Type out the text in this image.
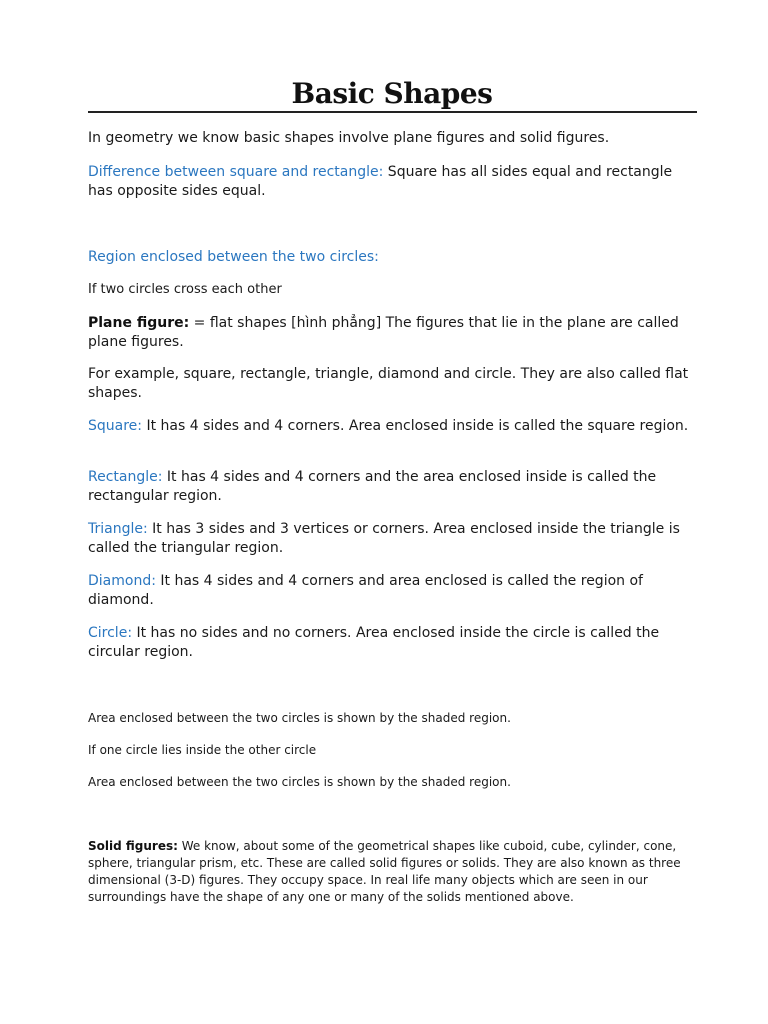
Basic Shapes

In geometry we know basic shapes involve plane figures and solid figures.

Difference between square and rectangle: Square has all sides equal and rectangle has opposite sides equal.

Region enclosed between the two circles:

If two circles cross each other

Plane figure: = flat shapes [hình phẳng] The figures that lie in the plane are called plane figures.

For example, square, rectangle, triangle, diamond and circle. They are also called flat shapes.

Square: It has 4 sides and 4 corners. Area enclosed inside is called the square region.

Rectangle: It has 4 sides and 4 corners and the area enclosed inside is called the rectangular region.

Triangle: It has 3 sides and 3 vertices or corners. Area enclosed inside the triangle is called the triangular region.

Diamond: It has 4 sides and 4 corners and area enclosed is called the region of diamond.

Circle: It has no sides and no corners. Area enclosed inside the circle is called the circular region.

Area enclosed between the two circles is shown by the shaded region.

If one circle lies inside the other circle

Area enclosed between the two circles is shown by the shaded region.

Solid figures: We know, about some of the geometrical shapes like cuboid, cube, cylinder, cone, sphere, triangular prism, etc. These are called solid figures or solids. They are also known as three dimensional (3-D) figures. They occupy space. In real life many objects which are seen in our surroundings have the shape of any one or many of the solids mentioned above.
